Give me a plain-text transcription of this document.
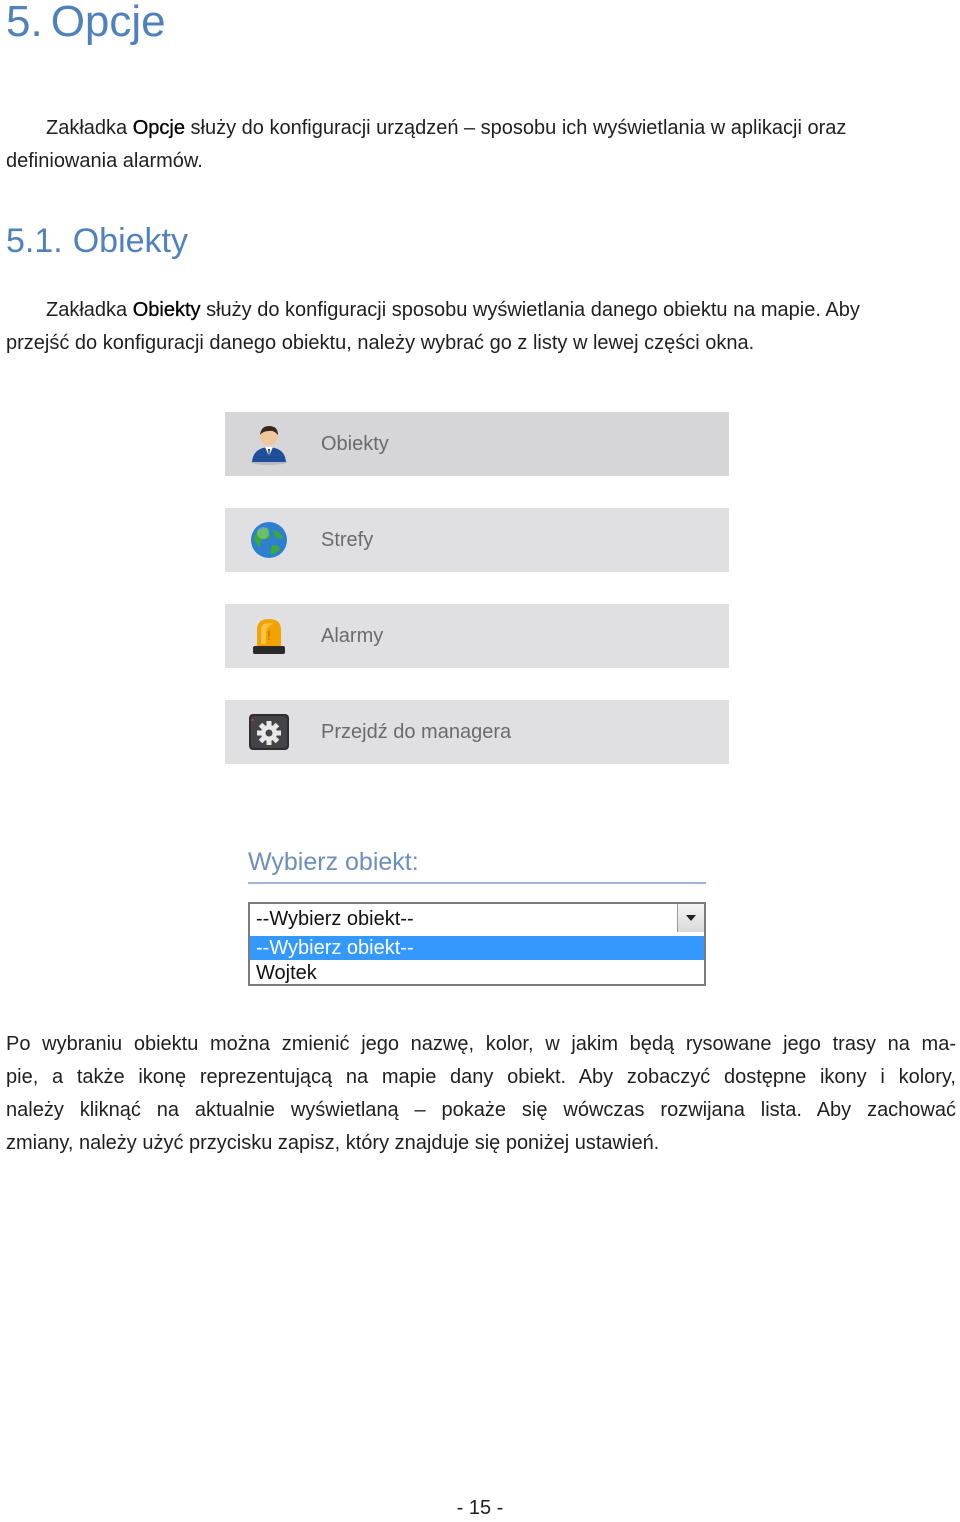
5. Opcje

Zakładka Opcje służy do konfiguracji urządzeń – sposobu ich wyświetlania w aplikacji oraz
definiowania alarmów.

5.1. Obiekty

Zakładka Obiekty służy do konfiguracji sposobu wyświetlania danego obiektu na mapie. Aby
przejść do konfiguracji danego obiektu, należy wybrać go z listy w lewej części okna.

Obiekty
Strefy
! Alarmy
Przejdź do managera
Wybierz obiekt:
--Wybierz obiekt--
--Wybierz obiekt--
Wojtek

Po wybraniu obiektu można zmienić jego nazwę, kolor, w jakim będą rysowane jego trasy na ma-
pie, a także ikonę reprezentującą na mapie dany obiekt. Aby zobaczyć dostępne ikony i kolory,
należy kliknąć na aktualnie wyświetlaną – pokaże się wówczas rozwijana lista. Aby zachować
zmiany, należy użyć przycisku zapisz, który znajduje się poniżej ustawień.

- 15 -
